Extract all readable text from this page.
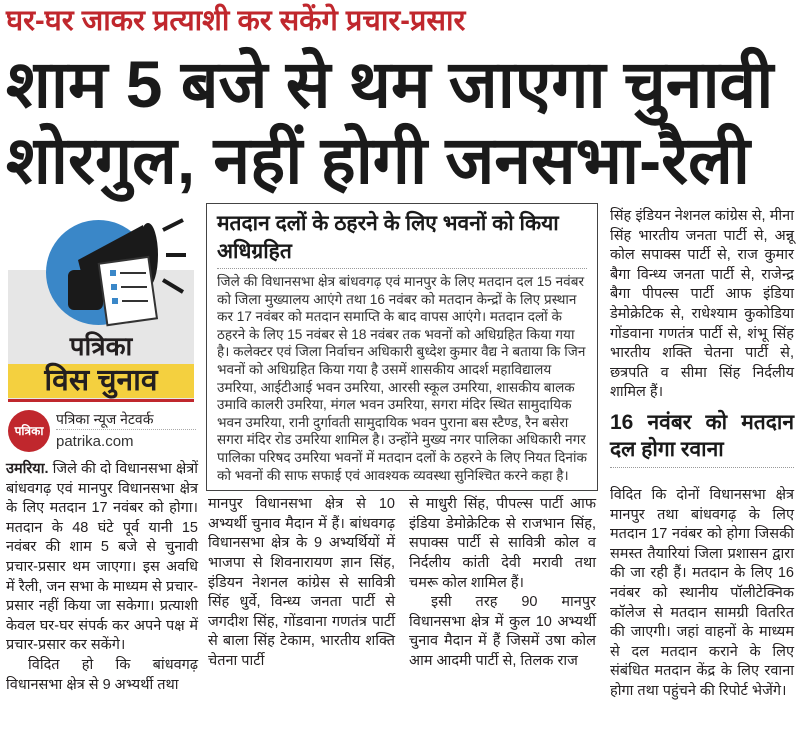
घर-घर जाकर प्रत्याशी कर सकेंगे प्रचार-प्रसार
शाम 5 बजे से थम जाएगा चुनावी
शोरगुल, नहीं होगी जनसभा-रैली
पत्रिका
विस चुनाव
पत्रिका
पत्रिका न्यूज नेटवर्क
patrika.com

उमरिया. जिले की दो विधानसभा क्षेत्रों बांधवगढ़ एवं मानपुर विधानसभा क्षेत्र के लिए मतदान 17 नवंबर को होगा। मतदान के 48 घंटे पूर्व यानी 15 नवंबर की शाम 5 बजे से चुनावी प्रचार-प्रसार थम जाएगा। इस अवधि में रैली, जन सभा के माध्यम से प्रचार-प्रसार नहीं किया जा सकेगा। प्रत्याशी केवल घर-घर संपर्क कर अपने पक्ष में प्रचार-प्रसार कर सकेंगे।

विदित हो कि बांधवगढ़ विधानसभा क्षेत्र से 9 अभ्यर्थी तथा

मतदान दलों के ठहरने के लिए भवनों को किया अधिग्रहित
जिले की विधानसभा क्षेत्र बांधवगढ़ एवं मानपुर के लिए मतदान दल 15 नवंबर को जिला मुख्यालय आएंगे तथा 16 नवंबर को मतदान केन्द्रों के लिए प्रस्थान कर 17 नवंबर को मतदान समाप्ति के बाद वापस आएंगे। मतदान दलों के ठहरने के लिए 15 नवंबर से 18 नवंबर तक भवनों को अधिग्रहित किया गया है। कलेक्टर एवं जिला निर्वाचन अधिकारी बुध्देश कुमार वैद्य ने बताया कि जिन भवनों को अधिग्रहित किया गया है उसमें शासकीय आदर्श महाविद्यालय उमरिया, आईटीआई भवन उमरिया, आरसी स्कूल उमरिया, शासकीय बालक उमावि कालरी उमरिया, मंगल भवन उमरिया, सगरा मंदिर स्थित सामुदायिक भवन उमरिया, रानी दुर्गावती सामुदायिक भवन पुराना बस स्टैण्ड, रैन बसेरा सगरा मंदिर रोड उमरिया शामिल है। उन्होंने मुख्य नगर पालिका अधिकारी नगर पालिका परिषद उमरिया भवनों में मतदान दलों के ठहरने के लिए नियत दिनांक को भवनों की साफ सफाई एवं आवश्यक व्यवस्था सुनिश्चित करने कहा है।

मानपुर विधानसभा क्षेत्र से 10 अभ्यर्थी चुनाव मैदान में हैं। बांधवगढ़ विधानसभा क्षेत्र के 9 अभ्यर्थियों में भाजपा से शिवनारायण ज्ञान सिंह, इंडियन नेशनल कांग्रेस से सावित्री सिंह धुर्वे, विन्ध्य जनता पार्टी से जगदीश सिंह, गोंडवाना गणतंत्र पार्टी से बाला सिंह टेकाम, भारतीय शक्ति चेतना पार्टी

से माधुरी सिंह, पीपल्स पार्टी आफ इंडिया डेमोक्रेटिक से राजभान सिंह, सपाक्स पार्टी से सावित्री कोल व निर्दलीय कांती देवी मरावी तथा चमरू कोल शामिल हैं।

इसी तरह 90 मानपुर विधानसभा क्षेत्र में कुल 10 अभ्यर्थी चुनाव मैदान में हैं जिसमें उषा कोल आम आदमी पार्टी से, तिलक राज

सिंह इंडियन नेशनल कांग्रेस से, मीना सिंह भारतीय जनता पार्टी से, अन्नू कोल सपाक्स पार्टी से, राज कुमार बैगा विन्ध्य जनता पार्टी से, राजेन्द्र बैगा पीपल्स पार्टी आफ इंडिया डेमोक्रेटिक से, राधेश्याम कुकोडिया गोंडवाना गणतंत्र पार्टी से, शंभू सिंह भारतीय शक्ति चेतना पार्टी से, छत्रपति व सीमा सिंह निर्दलीय शामिल हैं।

16 नवंबर को मतदान दल होगा रवाना

विदित कि दोनों विधानसभा क्षेत्र मानपुर तथा बांधवगढ़ के लिए मतदान 17 नवंबर को होगा जिसकी समस्त तैयारियां जिला प्रशासन द्वारा की जा रही हैं। मतदान के लिए 16 नवंबर को स्थानीय पॉलीटेक्निक कॉलेज से मतदान सामग्री वितरित की जाएगी। जहां वाहनों के माध्यम से दल मतदान कराने के लिए संबंधित मतदान केंद्र के लिए रवाना होगा तथा पहुंचने की रिपोर्ट भेजेंगे।
